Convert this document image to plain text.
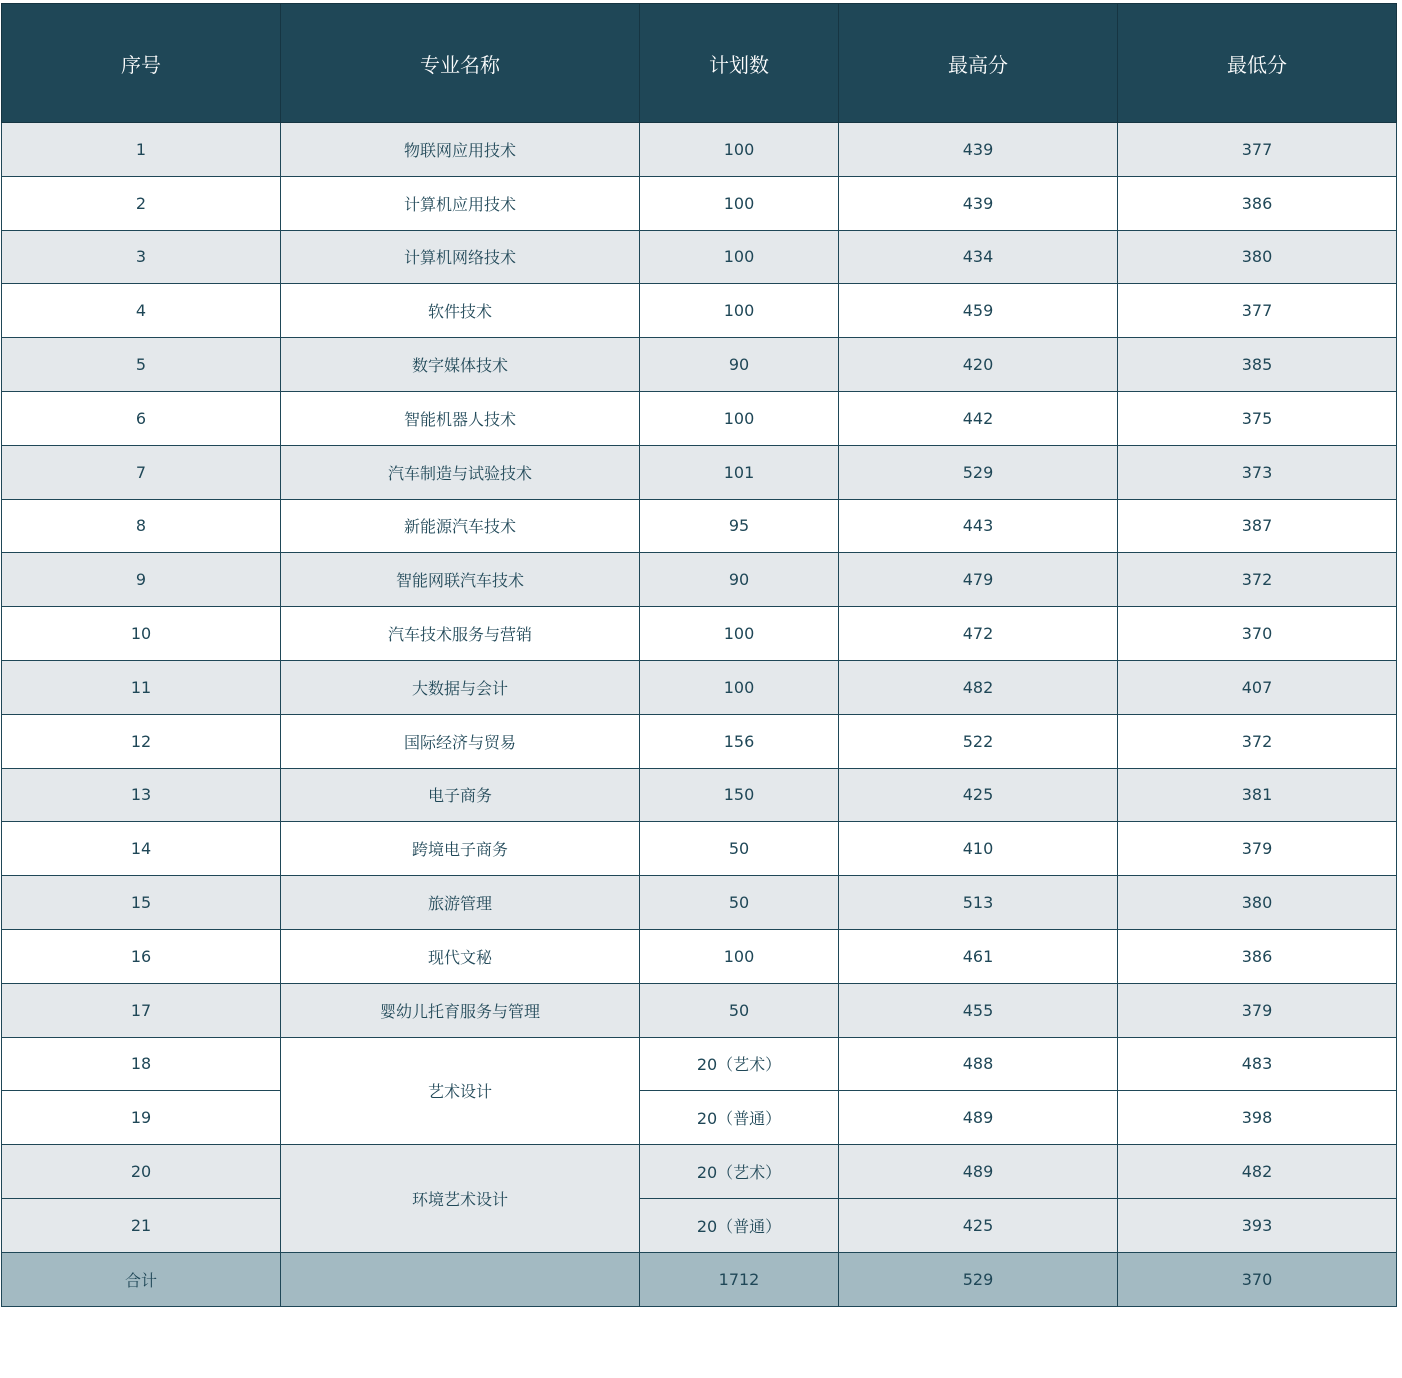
序号	专业名称	计划数	最高分	最低分
1	物联网应用技术	100	439	377
2	计算机应用技术	100	439	386
3	计算机网络技术	100	434	380
4	软件技术	100	459	377
5	数字媒体技术	90	420	385
6	智能机器人技术	100	442	375
7	汽车制造与试验技术	101	529	373
8	新能源汽车技术	95	443	387
9	智能网联汽车技术	90	479	372
10	汽车技术服务与营销	100	472	370
11	大数据与会计	100	482	407
12	国际经济与贸易	156	522	372
13	电子商务	150	425	381
14	跨境电子商务	50	410	379
15	旅游管理	50	513	380
16	现代文秘	100	461	386
17	婴幼儿托育服务与管理	50	455	379
18	艺术设计	20（艺术）	488	483
19		20（普通）	489	398
20	环境艺术设计	20（艺术）	489	482
21		20（普通）	425	393
合计		1712	529	370
